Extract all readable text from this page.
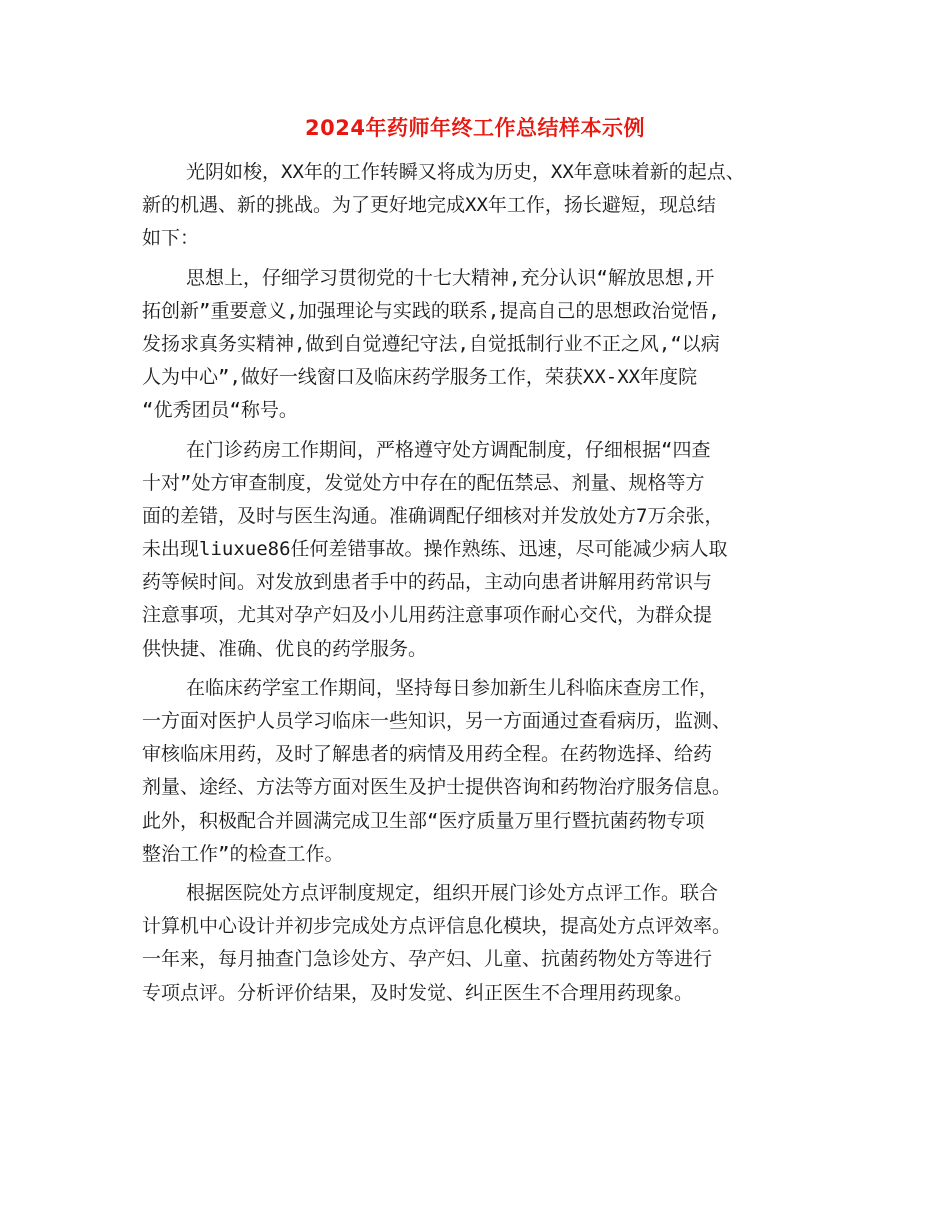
2024年药师年终工作总结样本示例
光阴如梭，XX年的工作转瞬又将成为历史，XX年意味着新的起点、
新的机遇、新的挑战。为了更好地完成XX年工作，扬长避短，现总结
如下：
思想上，仔细学习贯彻党的十七大精神,充分认识“解放思想,开
拓创新”重要意义,加强理论与实践的联系,提高自己的思想政治觉悟,
发扬求真务实精神,做到自觉遵纪守法,自觉抵制行业不正之风,“以病
人为中心”,做好一线窗口及临床药学服务工作，荣获XX-XX年度院
“优秀团员“称号。
在门诊药房工作期间，严格遵守处方调配制度，仔细根据“四查
十对”处方审查制度，发觉处方中存在的配伍禁忌、剂量、规格等方
面的差错，及时与医生沟通。准确调配仔细核对并发放处方7万余张，
未出现liuxue86任何差错事故。操作熟练、迅速，尽可能减少病人取
药等候时间。对发放到患者手中的药品，主动向患者讲解用药常识与
注意事项，尤其对孕产妇及小儿用药注意事项作耐心交代，为群众提
供快捷、准确、优良的药学服务。
在临床药学室工作期间，坚持每日参加新生儿科临床查房工作，
一方面对医护人员学习临床一些知识，另一方面通过查看病历，监测、
审核临床用药，及时了解患者的病情及用药全程。在药物选择、给药
剂量、途经、方法等方面对医生及护士提供咨询和药物治疗服务信息。
此外，积极配合并圆满完成卫生部“医疗质量万里行暨抗菌药物专项
整治工作”的检查工作。
根据医院处方点评制度规定，组织开展门诊处方点评工作。联合
计算机中心设计并初步完成处方点评信息化模块，提高处方点评效率。
一年来，每月抽查门急诊处方、孕产妇、儿童、抗菌药物处方等进行
专项点评。分析评价结果，及时发觉、纠正医生不合理用药现象。
